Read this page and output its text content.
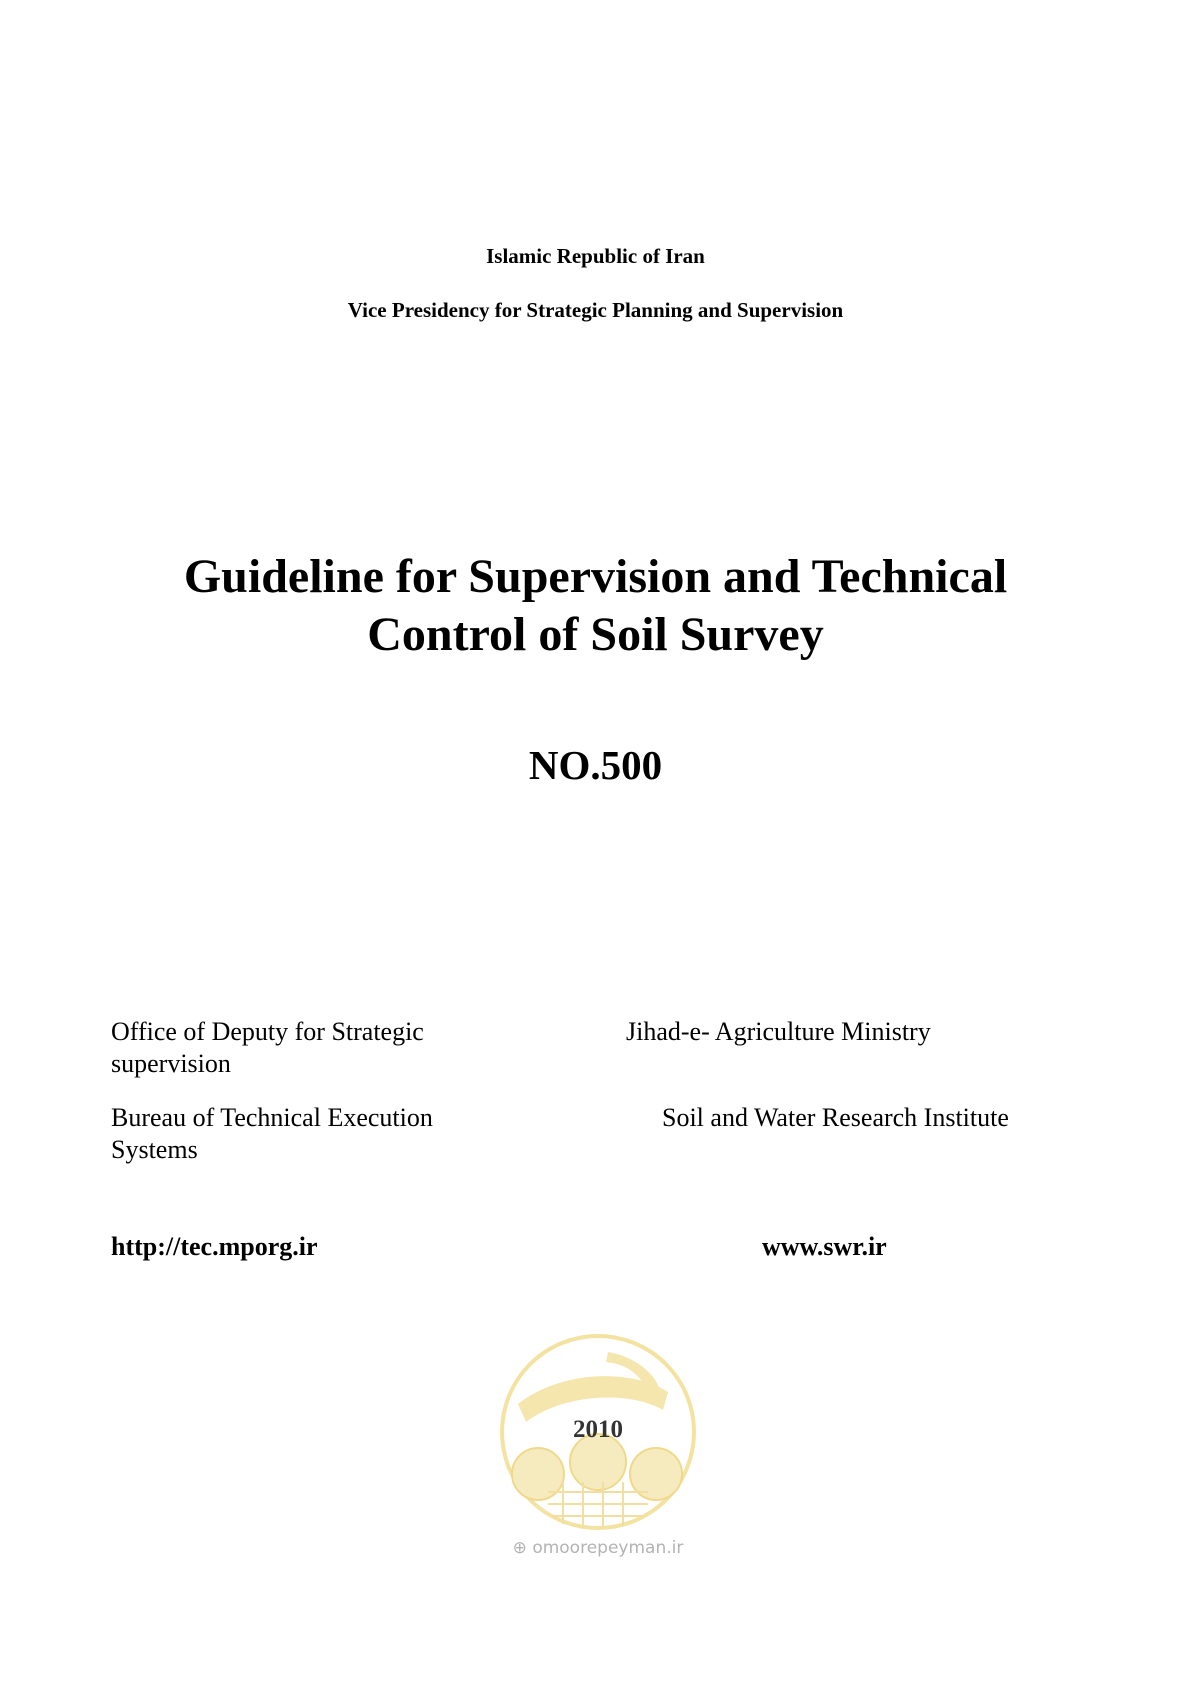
Islamic Republic of Iran
Vice Presidency for Strategic Planning and Supervision
Guideline for Supervision and Technical
Control of Soil Survey
NO.500
Office of Deputy for Strategic supervision
Bureau of Technical Execution Systems
Jihad-e- Agriculture Ministry
Soil and Water Research Institute
http://tec.mporg.ir	www.swr.ir
2010
⊕ omoorepeyman.ir
